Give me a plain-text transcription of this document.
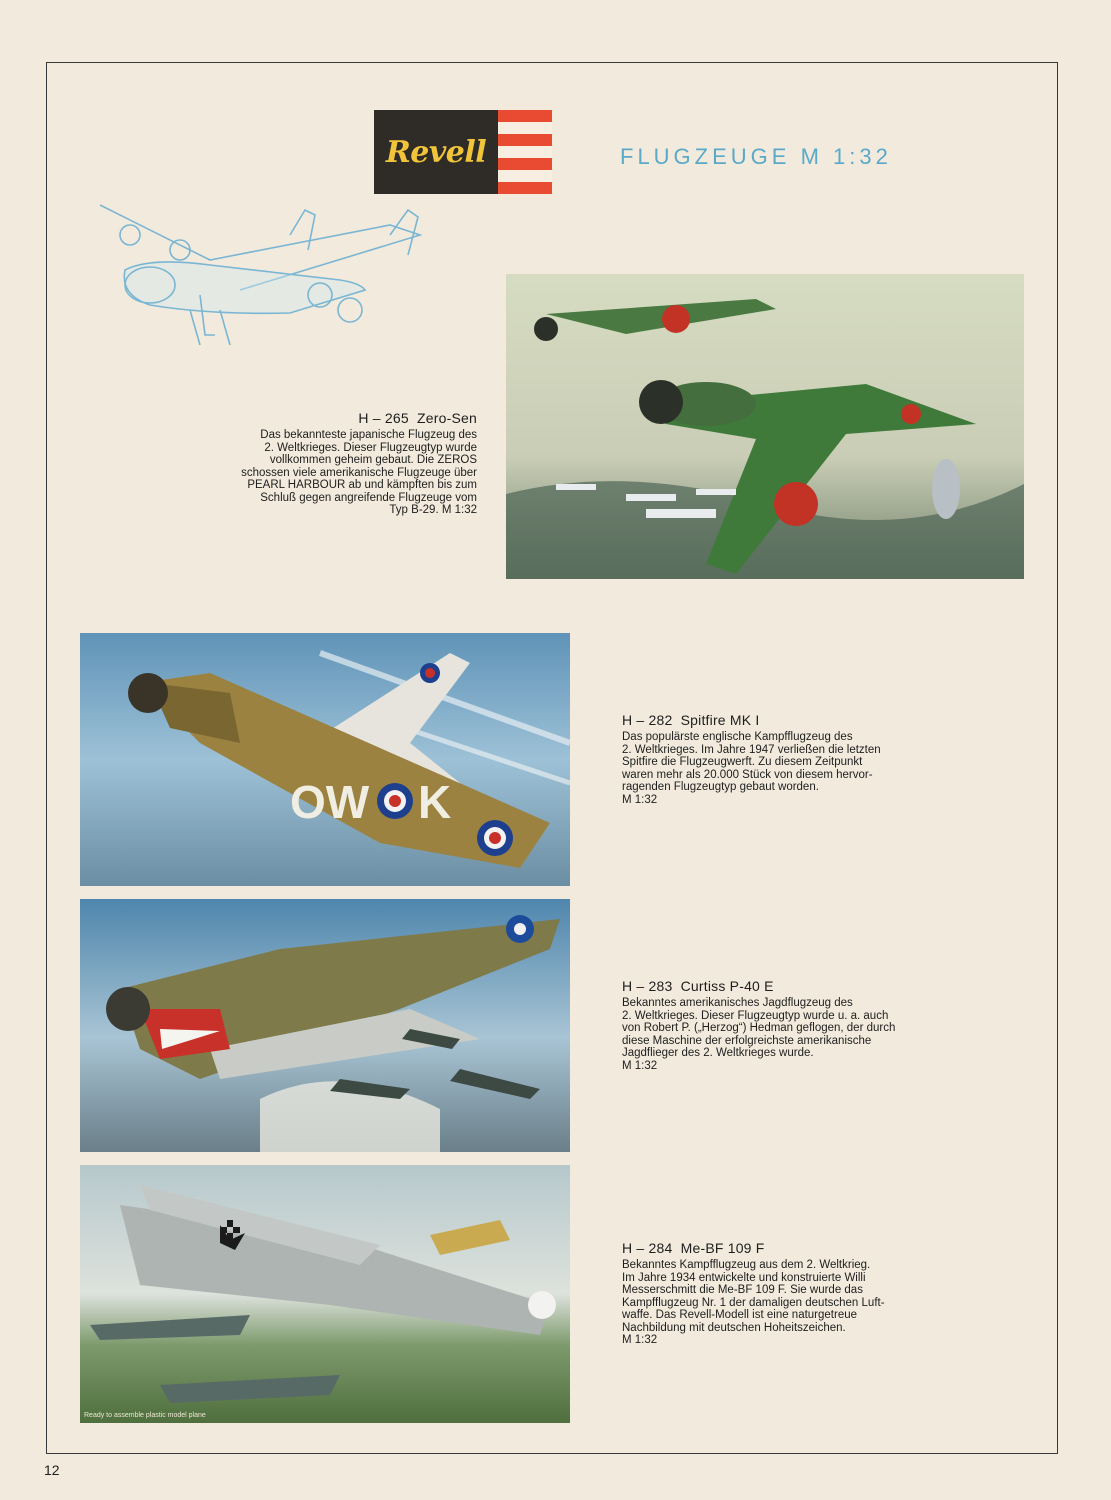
Revell	FLUGZEUGE M 1:32
H – 265 Zero-Sen

Das bekannteste japanische Flugzeug des
2. Weltkrieges. Dieser Flugzeugtyp wurde
vollkommen geheim gebaut. Die ZEROS
schossen viele amerikanische Flugzeuge über
PEARL HARBOUR ab und kämpften bis zum
Schluß gegen angreifende Flugzeuge vom
Typ B-29. M 1:32

OW K
H – 282 Spitfire MK I

Das populärste englische Kampfflugzeug des
2. Weltkrieges. Im Jahre 1947 verließen die letzten
Spitfire die Flugzeugwerft. Zu diesem Zeitpunkt
waren mehr als 20.000 Stück von diesem hervor-
ragenden Flugzeugtyp gebaut worden.
M 1:32

H – 283 Curtiss P-40 E

Bekanntes amerikanisches Jagdflugzeug des
2. Weltkrieges. Dieser Flugzeugtyp wurde u. a. auch
von Robert P. („Herzog“) Hedman geflogen, der durch
diese Maschine der erfolgreichste amerikanische
Jagdflieger des 2. Weltkrieges wurde.
M 1:32

Ready to assemble plastic model plane
H – 284 Me-BF 109 F

Bekanntes Kampfflugzeug aus dem 2. Weltkrieg.
Im Jahre 1934 entwickelte und konstruierte Willi
Messerschmitt die Me-BF 109 F. Sie wurde das
Kampfflugzeug Nr. 1 der damaligen deutschen Luft-
waffe. Das Revell-Modell ist eine naturgetreue
Nachbildung mit deutschen Hoheitszeichen.
M 1:32

12
